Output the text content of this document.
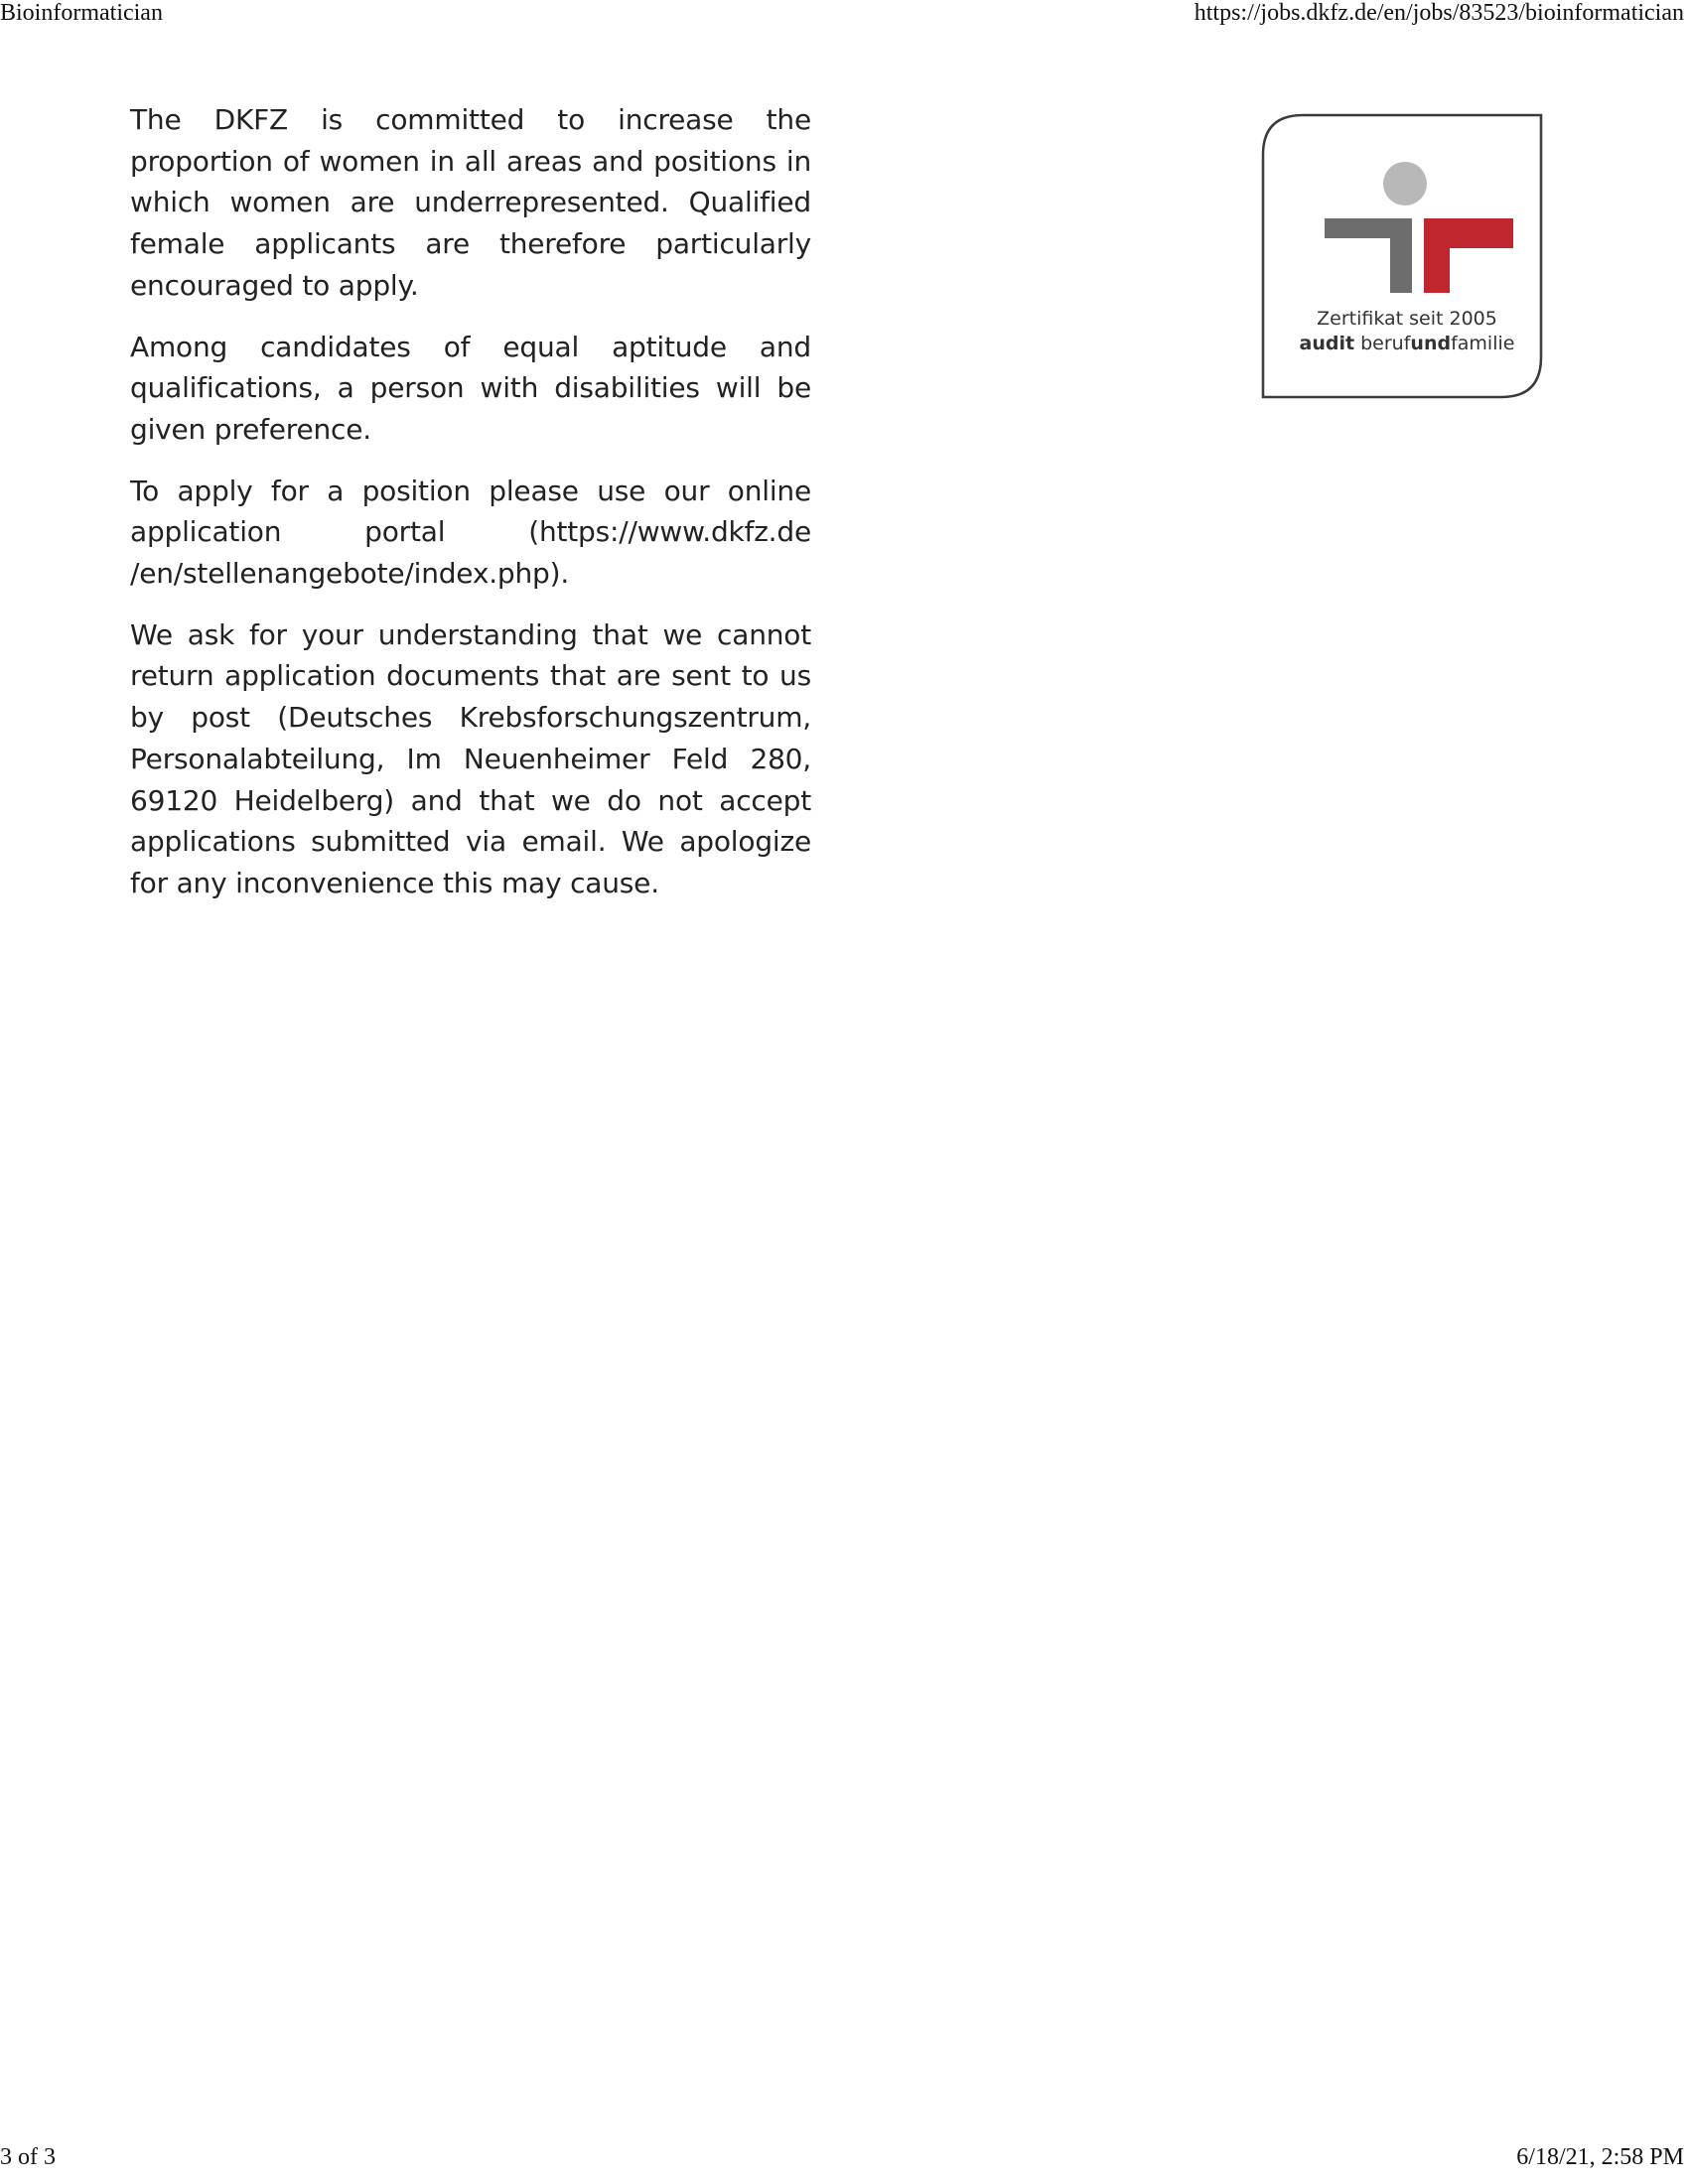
Bioinformatician	https://jobs.dkfz.de/en/jobs/83523/bioinformatician

The DKFZ is committed to increase the proportion of women in all areas and positions in which women are underrepresented. Qualified female applicants are therefore particularly encouraged to apply.

Among candidates of equal aptitude and qualifications, a person with disabilities will be given preference.

To apply for a position please use our online application portal (https://www.dkfz.de /en/stellenangebote/index.php).

We ask for your understanding that we cannot return application documents that are sent to us by post (Deutsches Krebsforschungszentrum, Personalabteilung, Im Neuenheimer Feld 280, 69120 Heidelberg) and that we do not accept applications submitted via email. We apologize for any inconvenience this may cause.

Zertifikat seit 2005
audit berufundfamilie
3 of 3	6/18/21, 2:58 PM
